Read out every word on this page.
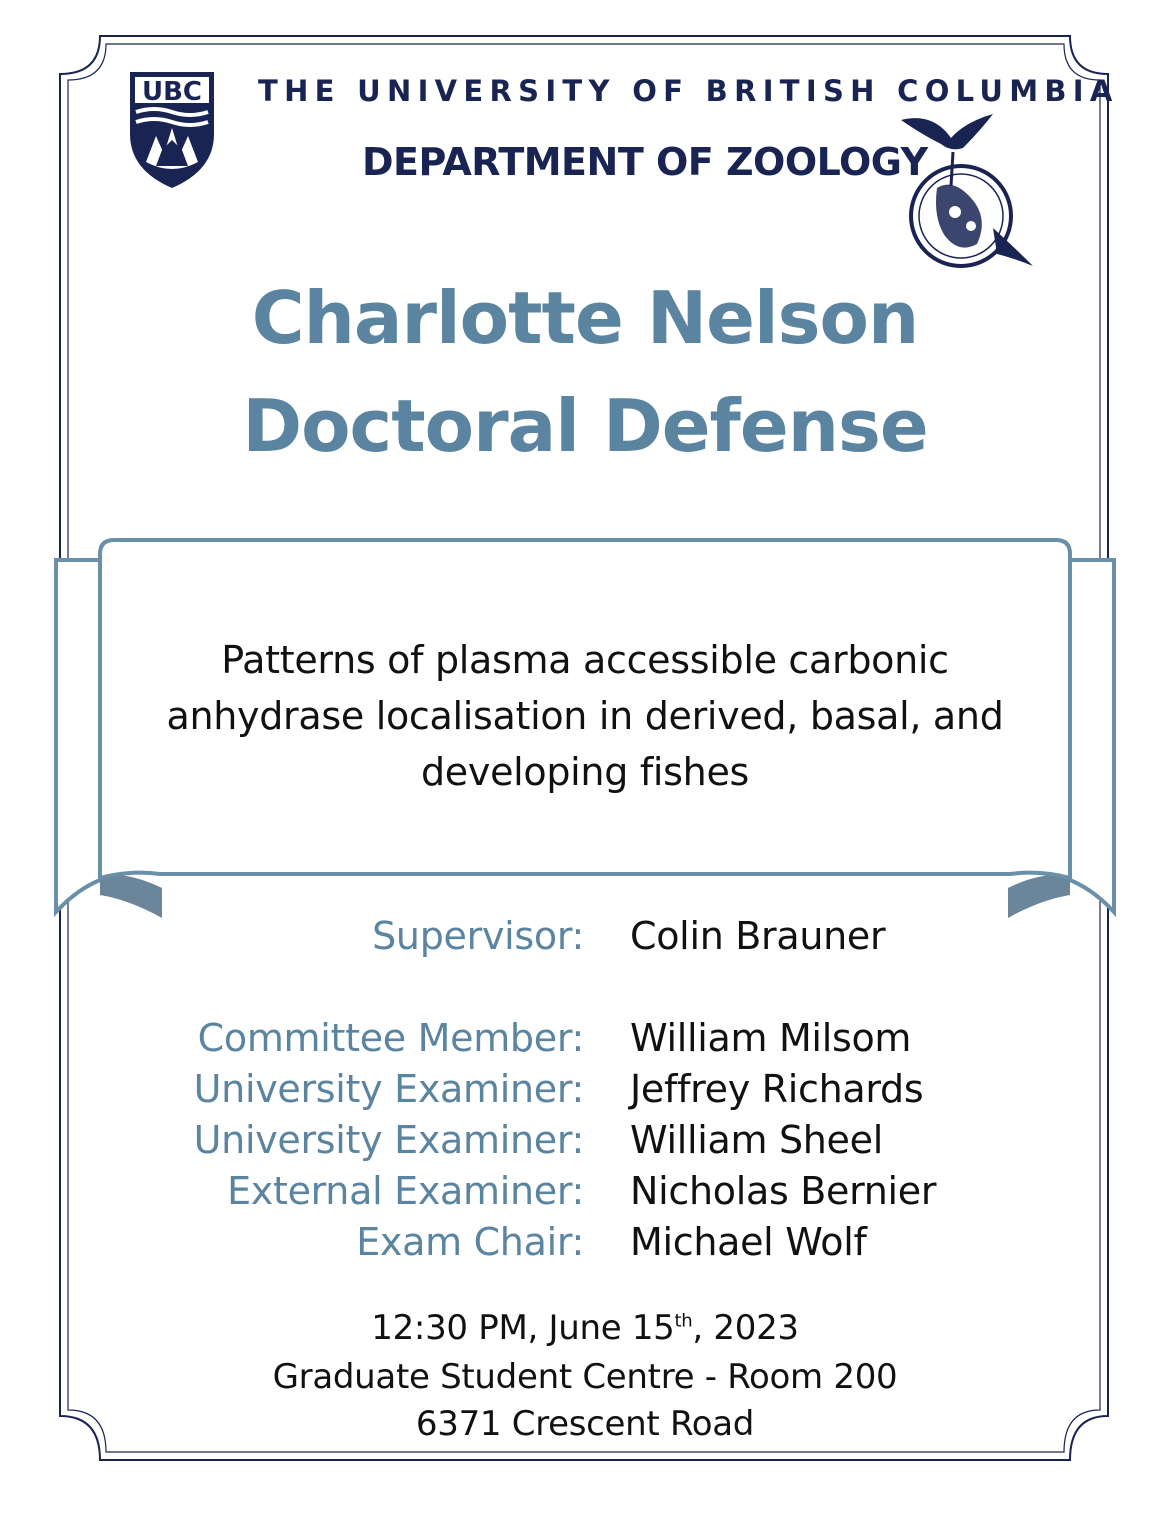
UBC THE UNIVERSITY OF BRITISH COLUMBIA
DEPARTMENT OF ZOOLOGY
Charlotte Nelson
Doctoral Defense
Patterns of plasma accessible carbonic
anhydrase localisation in derived, basal, and
developing fishes
Supervisor: Colin Brauner
Committee Member: William Milsom
University Examiner: Jeffrey Richards
University Examiner: William Sheel
External Examiner: Nicholas Bernier
Exam Chair: Michael Wolf
12:30 PM, June 15th, 2023
Graduate Student Centre - Room 200
6371 Crescent Road
